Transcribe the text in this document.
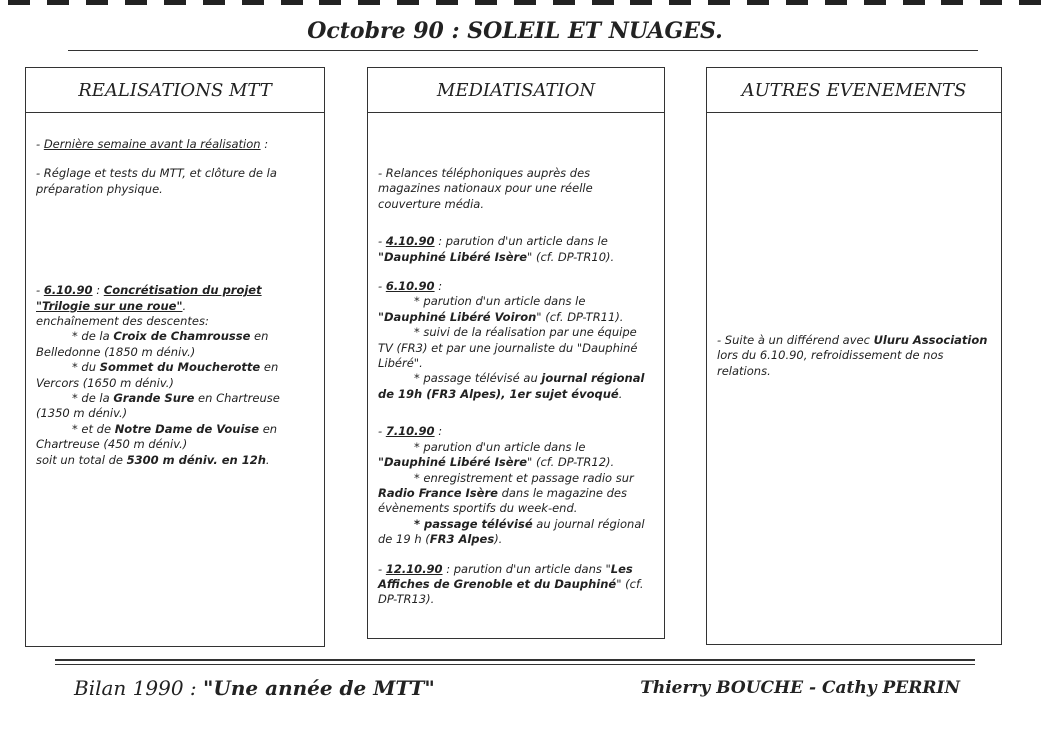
Octobre 90 : SOLEIL ET NUAGES.
REALISATIONS MTT

- Dernière semaine avant la réalisation :

- Réglage et tests du MTT, et clôture de la préparation physique.

- 6.10.90 : Concrétisation du projet "Trilogie sur une roue".

enchaînement des descentes:

* de la Croix de Chamrousse en Belledonne (1850 m déniv.)

* du Sommet du Moucherotte en Vercors (1650 m déniv.)

* de la Grande Sure en Chartreuse (1350 m déniv.)

* et de Notre Dame de Vouise en Chartreuse (450 m déniv.)

soit un total de 5300 m déniv. en 12h.

MEDIATISATION

- Relances téléphoniques auprès des magazines nationaux pour une réelle couverture média.

- 4.10.90 : parution d'un article dans le "Dauphiné Libéré Isère" (cf. DP-TR10).

- 6.10.90 :

* parution d'un article dans le "Dauphiné Libéré Voiron" (cf. DP-TR11).

* suivi de la réalisation par une équipe TV (FR3) et par une journaliste du "Dauphiné Libéré".

* passage télévisé au journal régional de 19h (FR3 Alpes), 1er sujet évoqué.

- 7.10.90 :

* parution d'un article dans le "Dauphiné Libéré Isère" (cf. DP-TR12).

* enregistrement et passage radio sur Radio France Isère dans le magazine des évènements sportifs du week-end.

* passage télévisé au journal régional de 19 h (FR3 Alpes).

- 12.10.90 : parution d'un article dans "Les Affiches de Grenoble et du Dauphiné" (cf. DP-TR13).

AUTRES EVENEMENTS

- Suite à un différend avec Uluru Association lors du 6.10.90, refroidissement de nos relations.

Bilan 1990 : "Une année de MTT"	Thierry BOUCHE - Cathy PERRIN
